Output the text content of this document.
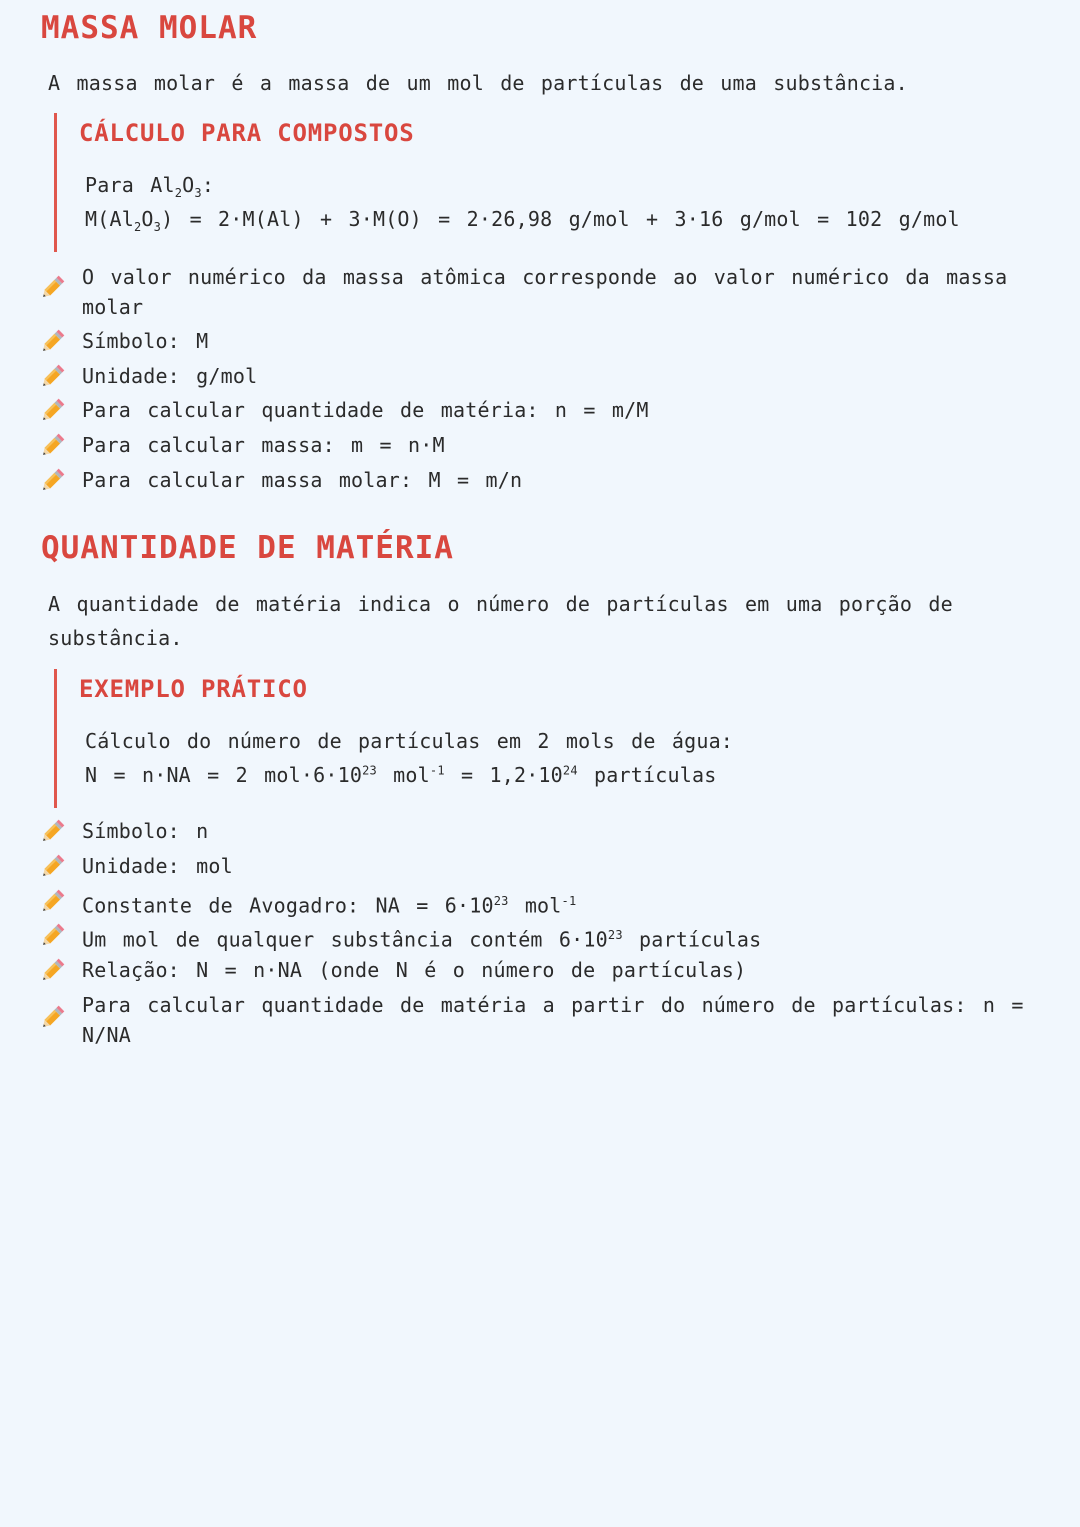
MASSA MOLAR

A massa molar é a massa de um mol de partículas de uma substância.

CÁLCULO PARA COMPOSTOS
Para $Al_2O_3$:
$M(Al_2O_3) = 2\cdot M(Al) + 3\cdot M(O) = 2\cdot 26,98$ g/mol + 3·16 g/mol = 102 g/mol
O valor numérico da massa atômica corresponde ao valor numérico da massa molar
Símbolo: M
Unidade: g/mol
Para calcular quantidade de matéria: n = m/M
Para calcular massa: m = n·M
Para calcular massa molar: M = m/n
QUANTIDADE DE MATÉRIA

A quantidade de matéria indica o número de partículas em uma porção de substância.

EXEMPLO PRÁTICO
Cálculo do número de partículas em 2 mols de água:
N = n·NA = 2 $mol\cdot 6\cdot 10^{23}$ $mol^{-1} = 1,2\cdot 10^{24}$ partículas
Símbolo: n
Unidade: mol
Constante de Avogadro: NA = $6\cdot 10^{23}$ mol$^{-1}$
Um mol de qualquer substância contém $6\cdot 10^{23}$ partículas
Relação: N = n·NA (onde N é o número de partículas)
Para calcular quantidade de matéria a partir do número de partículas: n = N/NA
